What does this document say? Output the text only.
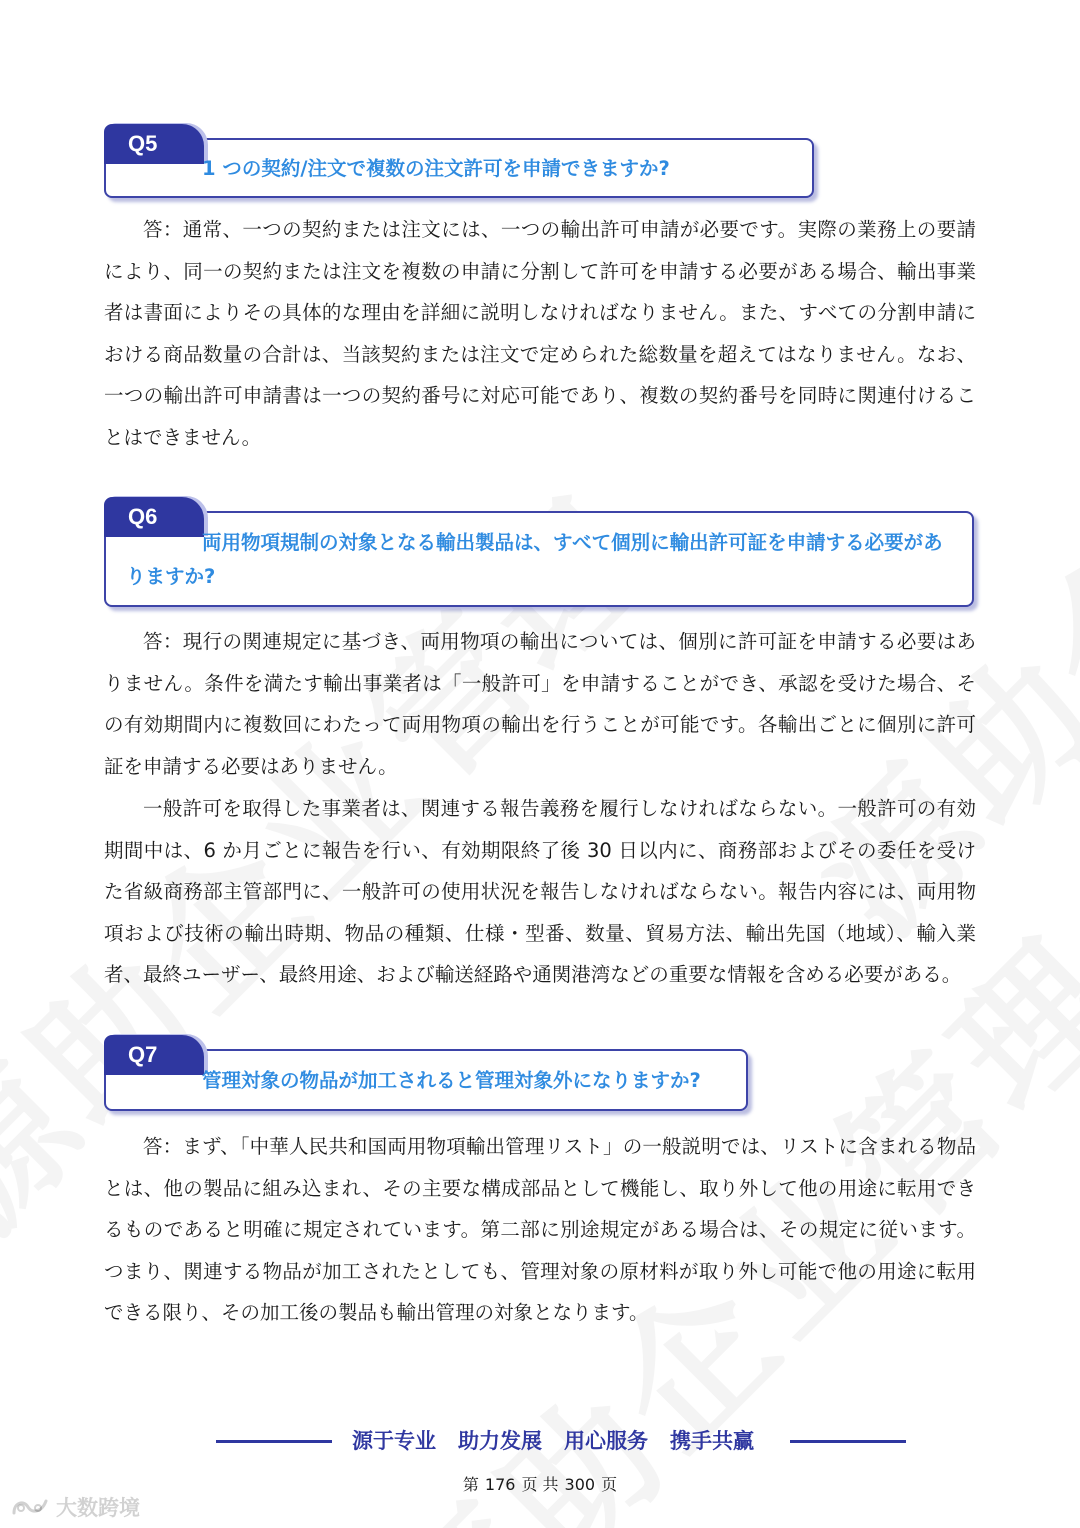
Q5
1 つの契約/注文で複数の注文許可を申請できますか?
答：通常、一つの契約または注文には、一つの輸出許可申請が必要です。実際の業務上の要請により、同一の契約または注文を複数の申請に分割して許可を申請する必要がある場合、輸出事業者は書面によりその具体的な理由を詳細に説明しなければなりません。また、すべての分割申請における商品数量の合計は、当該契約または注文で定められた総数量を超えてはなりません。なお、一つの輸出許可申請書は一つの契約番号に対応可能であり、複数の契約番号を同時に関連付けることはできません。
Q6
両用物項規制の対象となる輸出製品は、すべて個別に輸出許可証を申請する必要があ
りますか?
答：現行の関連規定に基づき、両用物項の輸出については、個別に許可証を申請する必要はありません。条件を満たす輸出事業者は「一般許可」を申請することができ、承認を受けた場合、その有効期間内に複数回にわたって両用物項の輸出を行うことが可能です。各輸出ごとに個別に許可証を申請する必要はありません。
一般許可を取得した事業者は、関連する報告義務を履行しなければならない。一般許可の有効期間中は、6 か月ごとに報告を行い、有効期限終了後 30 日以内に、商務部およびその委任を受けた省級商務部主管部門に、一般許可の使用状況を報告しなければならない。報告内容には、両用物項および技術の輸出時期、物品の種類、仕様・型番、数量、貿易方法、輸出先国（地域）、輸入業者、最終ユーザー、最終用途、および輸送経路や通関港湾などの重要な情報を含める必要がある。
Q7
管理対象の物品が加工されると管理対象外になりますか?
答：まず、「中華人民共和国両用物項輸出管理リスト」の一般説明では、リストに含まれる物品とは、他の製品に組み込まれ、その主要な構成部品として機能し、取り外して他の用途に転用できるものであると明確に規定されています。第二部に別途規定がある場合は、その規定に従います。つまり、関連する物品が加工されたとしても、管理対象の原材料が取り外し可能で他の用途に転用できる限り、その加工後の製品も輸出管理の対象となります。
源于专业 助力发展 用心服务 携手共赢
第 176 页 共 300 页
大数跨境
